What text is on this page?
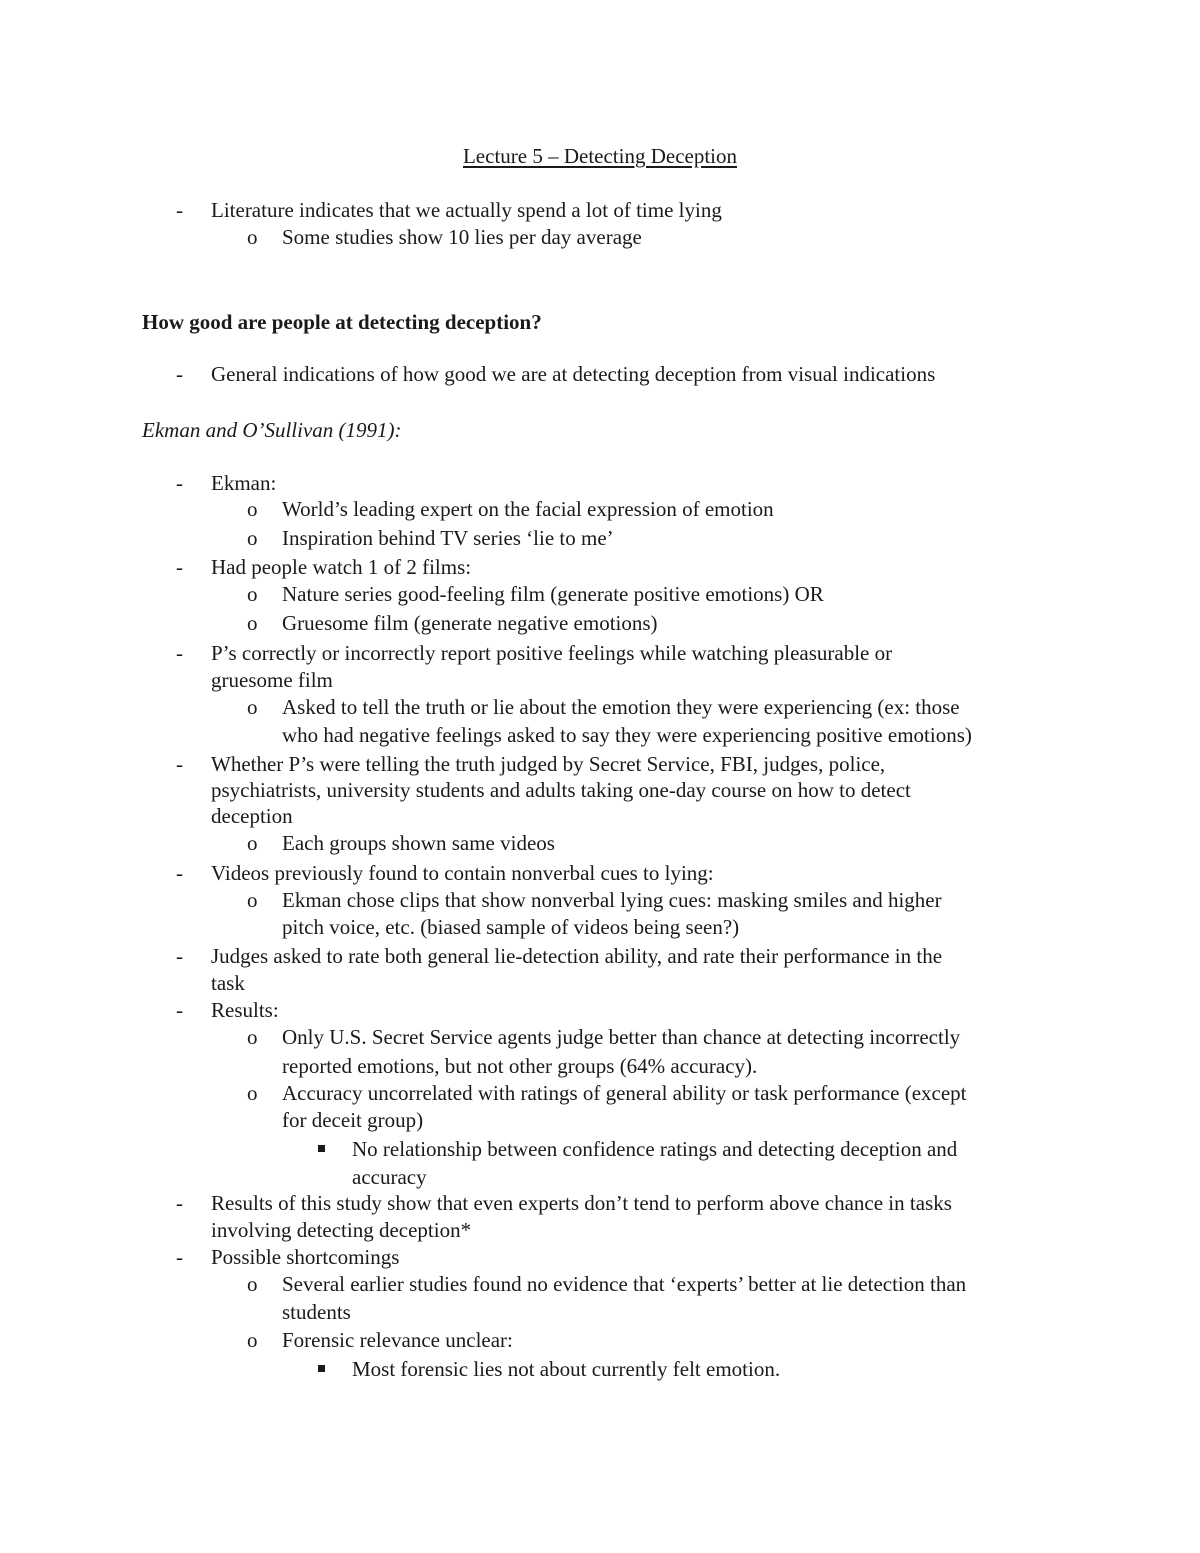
Lecture 5 – Detecting Deception
- Literature indicates that we actually spend a lot of time lying
o Some studies show 10 lies per day average
How good are people at detecting deception?
- General indications of how good we are at detecting deception from visual indications
Ekman and O’Sullivan (1991):
- Ekman:
o World’s leading expert on the facial expression of emotion
o Inspiration behind TV series ‘lie to me’
- Had people watch 1 of 2 films:
o Nature series good-feeling film (generate positive emotions) OR
o Gruesome film (generate negative emotions)
- P’s correctly or incorrectly report positive feelings while watching pleasurable or
gruesome film
o Asked to tell the truth or lie about the emotion they were experiencing (ex: those
who had negative feelings asked to say they were experiencing positive emotions)
- Whether P’s were telling the truth judged by Secret Service, FBI, judges, police,
psychiatrists, university students and adults taking one-day course on how to detect
deception
o Each groups shown same videos
- Videos previously found to contain nonverbal cues to lying:
o Ekman chose clips that show nonverbal lying cues: masking smiles and higher
pitch voice, etc. (biased sample of videos being seen?)
- Judges asked to rate both general lie-detection ability, and rate their performance in the
task
- Results:
o Only U.S. Secret Service agents judge better than chance at detecting incorrectly
reported emotions, but not other groups (64% accuracy).
o Accuracy uncorrelated with ratings of general ability or task performance (except
for deceit group)
No relationship between confidence ratings and detecting deception and
accuracy
- Results of this study show that even experts don’t tend to perform above chance in tasks
involving detecting deception*
- Possible shortcomings
o Several earlier studies found no evidence that ‘experts’ better at lie detection than
students
o Forensic relevance unclear:
Most forensic lies not about currently felt emotion.
